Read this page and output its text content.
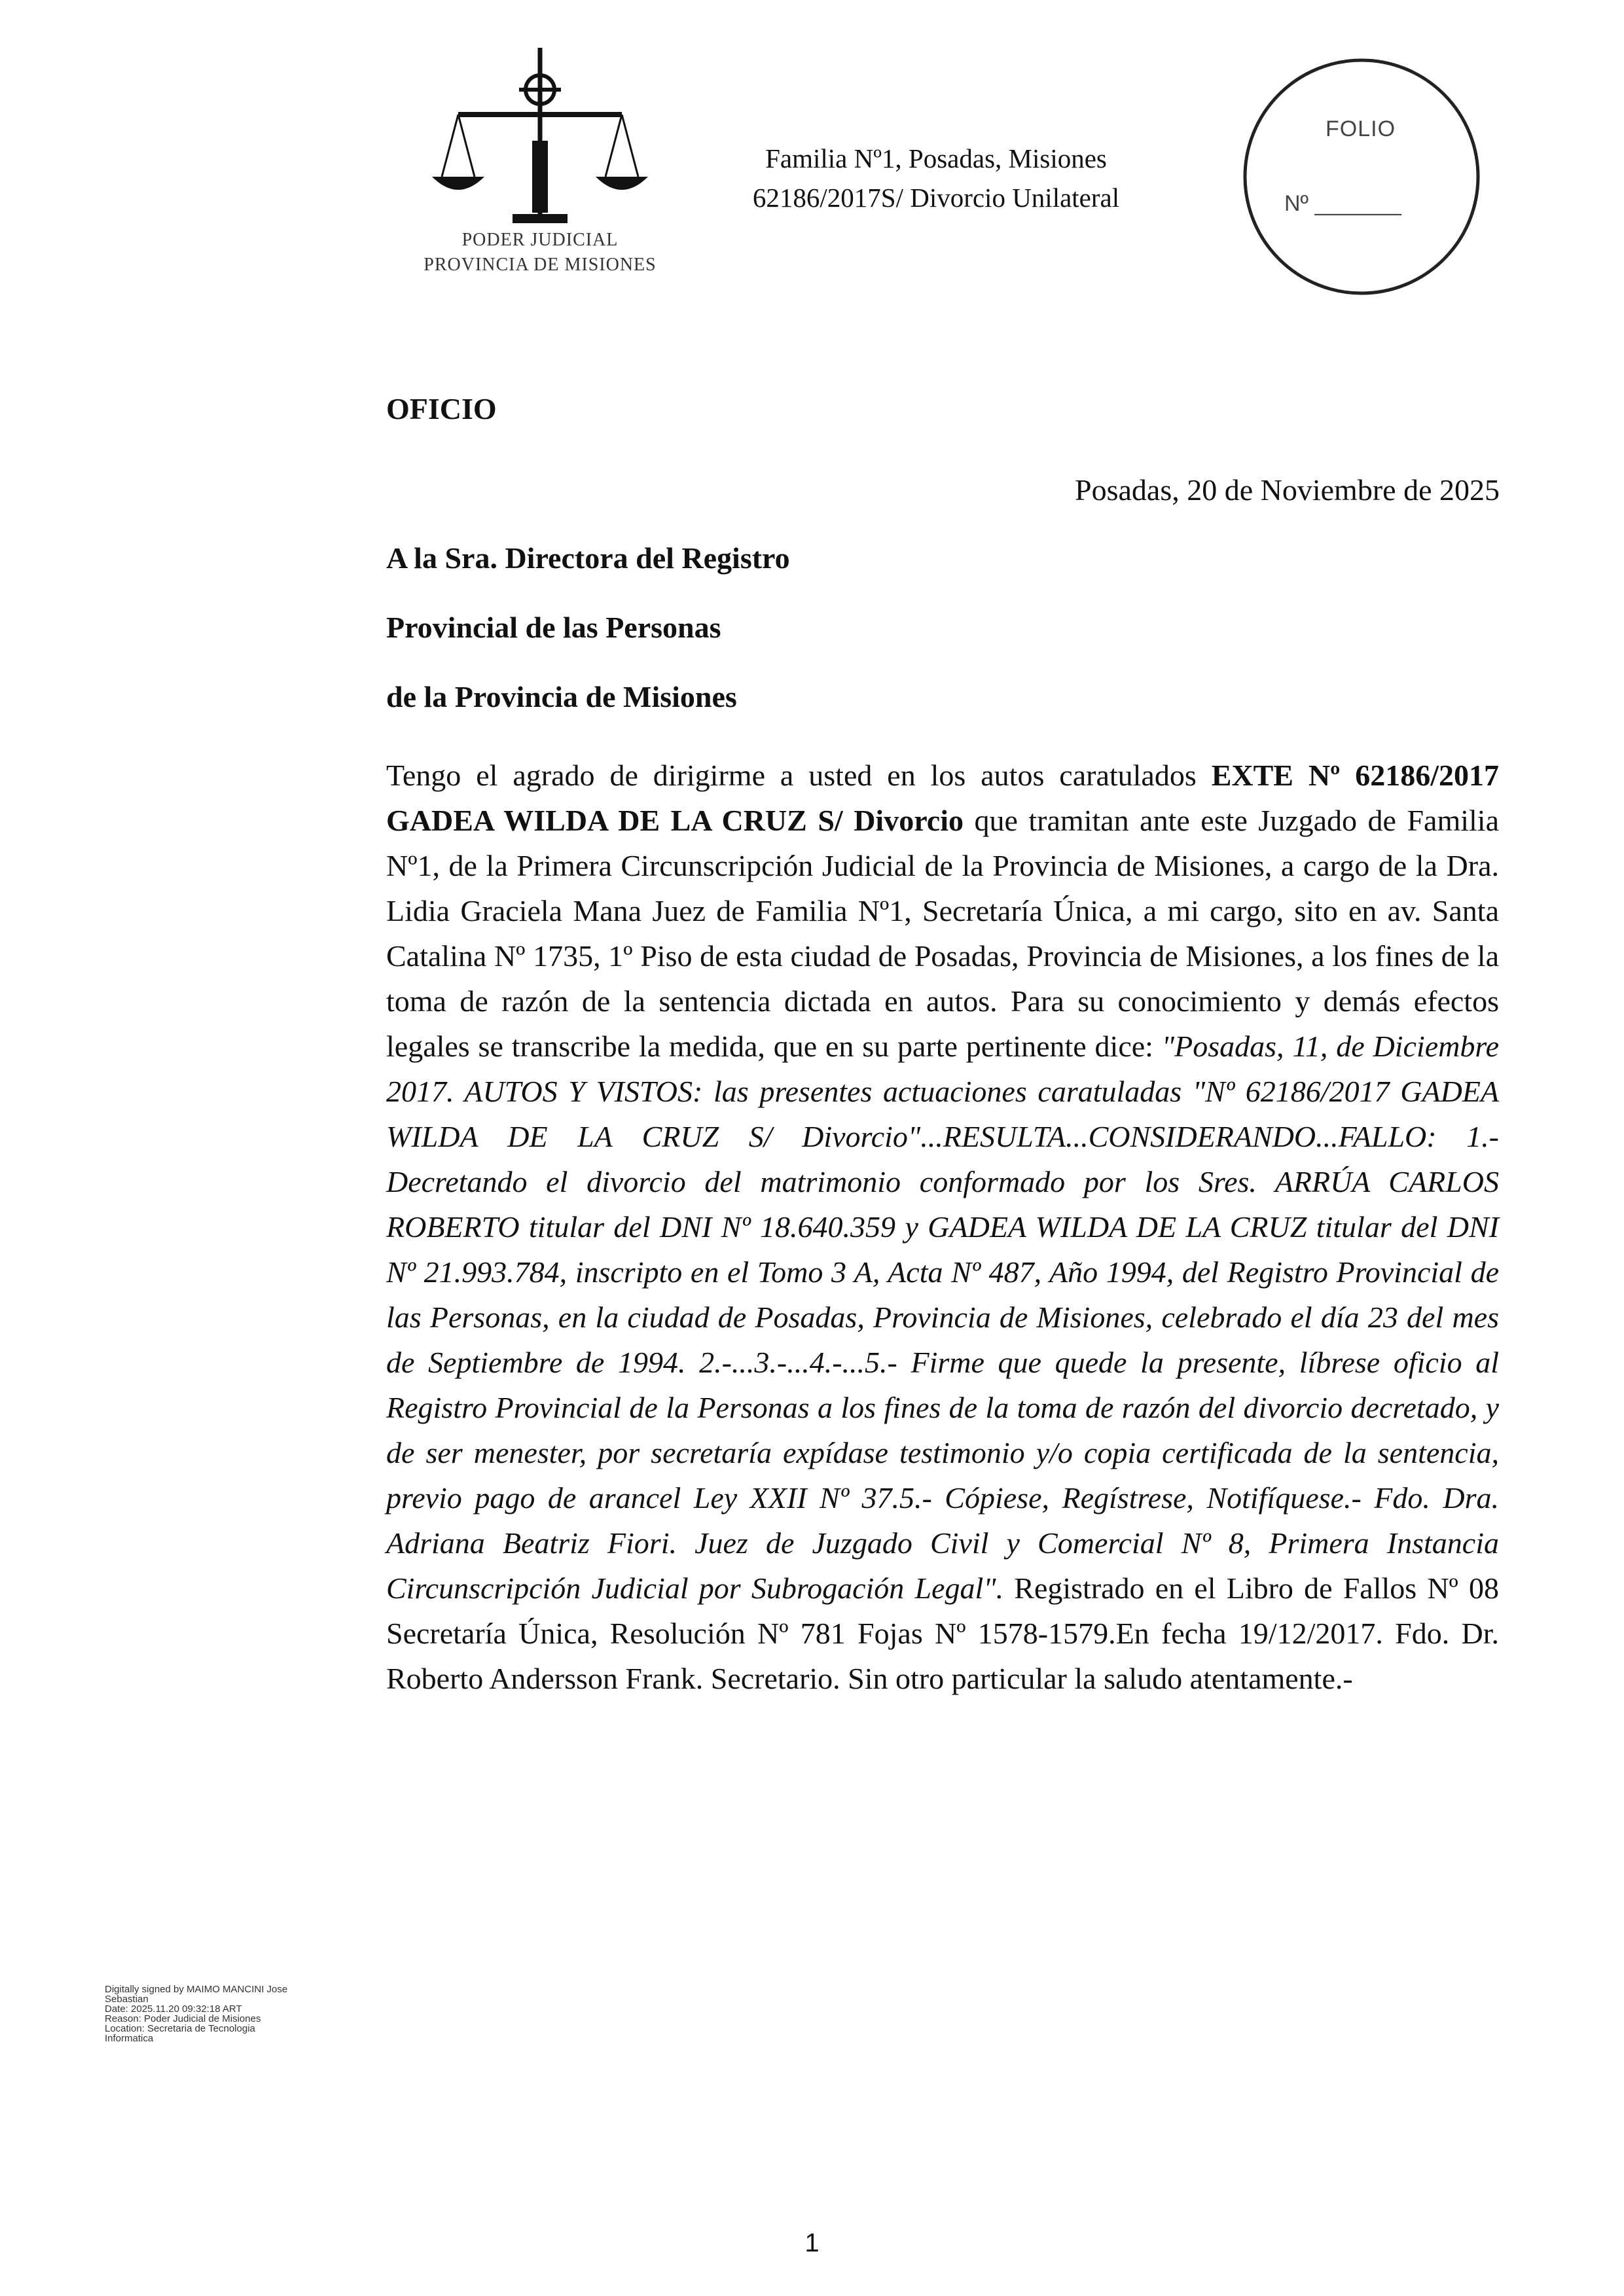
PODER JUDICIAL
PROVINCIA DE MISIONES
Familia Nº1, Posadas, Misiones
62186/2017S/ Divorcio Unilateral
FOLIO
Nº _______
OFICIO
Posadas, 20 de Noviembre de 2025
A la Sra. Directora del Registro
Provincial de las Personas
de la Provincia de Misiones
Tengo el agrado de dirigirme a usted en los autos caratulados EXTE Nº 62186/2017 GADEA WILDA DE LA CRUZ S/ Divorcio que tramitan ante este Juzgado de Familia Nº1, de la Primera Circunscripción Judicial de la Provincia de Misiones, a cargo de la Dra. Lidia Graciela Mana Juez de Familia Nº1, Secretaría Única, a mi cargo, sito en av. Santa Catalina Nº 1735, 1º Piso de esta ciudad de Posadas, Provincia de Misiones, a los fines de la toma de razón de la sentencia dictada en autos. Para su conocimiento y demás efectos legales se transcribe la medida, que en su parte pertinente dice: "Posadas, 11, de Diciembre 2017. AUTOS Y VISTOS: las presentes actuaciones caratuladas "Nº 62186/2017 GADEA WILDA DE LA CRUZ S/ Divorcio"...RESULTA...CONSIDERANDO...FALLO: 1.- Decretando el divorcio del matrimonio conformado por los Sres. ARRÚA CARLOS ROBERTO titular del DNI Nº 18.640.359 y GADEA WILDA DE LA CRUZ titular del DNI Nº 21.993.784, inscripto en el Tomo 3 A, Acta Nº 487, Año 1994, del Registro Provincial de las Personas, en la ciudad de Posadas, Provincia de Misiones, celebrado el día 23 del mes de Septiembre de 1994. 2.-...3.-...4.-...5.- Firme que quede la presente, líbrese oficio al Registro Provincial de la Personas a los fines de la toma de razón del divorcio decretado, y de ser menester, por secretaría expídase testimonio y/o copia certificada de la sentencia, previo pago de arancel Ley XXII Nº 37.5.- Cópiese, Regístrese, Notifíquese.- Fdo. Dra. Adriana Beatriz Fiori. Juez de Juzgado Civil y Comercial Nº 8, Primera Instancia Circunscripción Judicial por Subrogación Legal". Registrado en el Libro de Fallos Nº 08 Secretaría Única, Resolución Nº 781 Fojas Nº 1578-1579.En fecha 19/12/2017. Fdo. Dr. Roberto Andersson Frank. Secretario. Sin otro particular la saludo atentamente.-
Digitally signed by MAIMO MANCINI Jose
Sebastian
Date: 2025.11.20 09:32:18 ART
Reason: Poder Judicial de Misiones
Location: Secretaria de Tecnologia
Informatica
1
